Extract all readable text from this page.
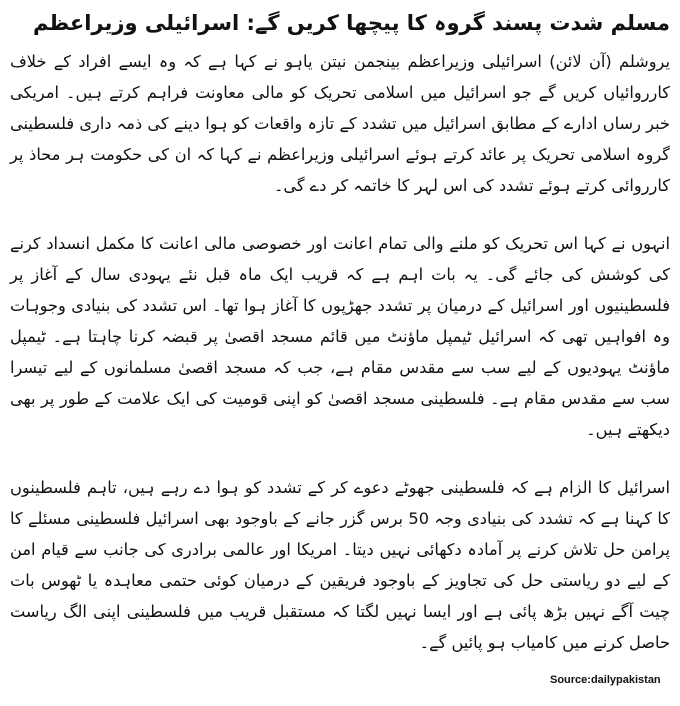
مسلم شدت پسند گروہ کا پیچھا کریں گے: اسرائیلی وزیراعظم

یروشلم (آن لائن) اسرائیلی وزیراعظم بینجمن نیتن یاہو نے کہا ہے کہ وہ ایسے افراد کے خلاف کارروائیاں کریں گے جو اسرائیل میں اسلامی تحریک کو مالی معاونت فراہم کرتے ہیں۔ امریکی خبر رساں ادارے کے مطابق اسرائیل میں تشدد کے تازہ واقعات کو ہوا دینے کی ذمہ داری فلسطینی گروہ اسلامی تحریک پر عائد کرتے ہوئے اسرائیلی وزیراعظم نے کہا کہ ان کی حکومت ہر محاذ پر کارروائی کرتے ہوئے تشدد کی اس لہر کا خاتمہ کر دے گی۔

انہوں نے کہا اس تحریک کو ملنے والی تمام اعانت اور خصوصی مالی اعانت کا مکمل انسداد کرنے کی کوشش کی جائے گی۔ یہ بات اہم ہے کہ قریب ایک ماہ قبل نئے یہودی سال کے آغاز پر فلسطینیوں اور اسرائیل کے درمیان پر تشدد جھڑپوں کا آغاز ہوا تھا۔ اس تشدد کی بنیادی وجوہات وہ افواہیں تھی کہ اسرائیل ٹیمپل ماؤنٹ میں قائم مسجد اقصیٰ پر قبضہ کرنا چاہتا ہے۔ ٹیمپل ماؤنٹ یہودیوں کے لیے سب سے مقدس مقام ہے، جب کہ مسجد اقصیٰ مسلمانوں کے لیے تیسرا سب سے مقدس مقام ہے۔ فلسطینی مسجد اقصیٰ کو اپنی قومیت کی ایک علامت کے طور پر بھی دیکھتے ہیں۔

اسرائیل کا الزام ہے کہ فلسطینی جھوٹے دعوے کر کے تشدد کو ہوا دے رہے ہیں، تاہم فلسطینوں کا کہنا ہے کہ تشدد کی بنیادی وجہ 50 برس گزر جانے کے باوجود بھی اسرائیل فلسطینی مسئلے کا پرامن حل تلاش کرنے پر آمادہ دکھائی نہیں دیتا۔ امریکا اور عالمی برادری کی جانب سے قیام امن کے لیے دو ریاستی حل کی تجاویز کے باوجود فریقین کے درمیان کوئی حتمی معاہدہ یا ٹھوس بات چیت آگے نہیں بڑھ پائی ہے اور ایسا نہیں لگتا کہ مستقبل قریب میں فلسطینی اپنی الگ ریاست حاصل کرنے میں کامیاب ہو پائیں گے۔

Source:dailypakistan
